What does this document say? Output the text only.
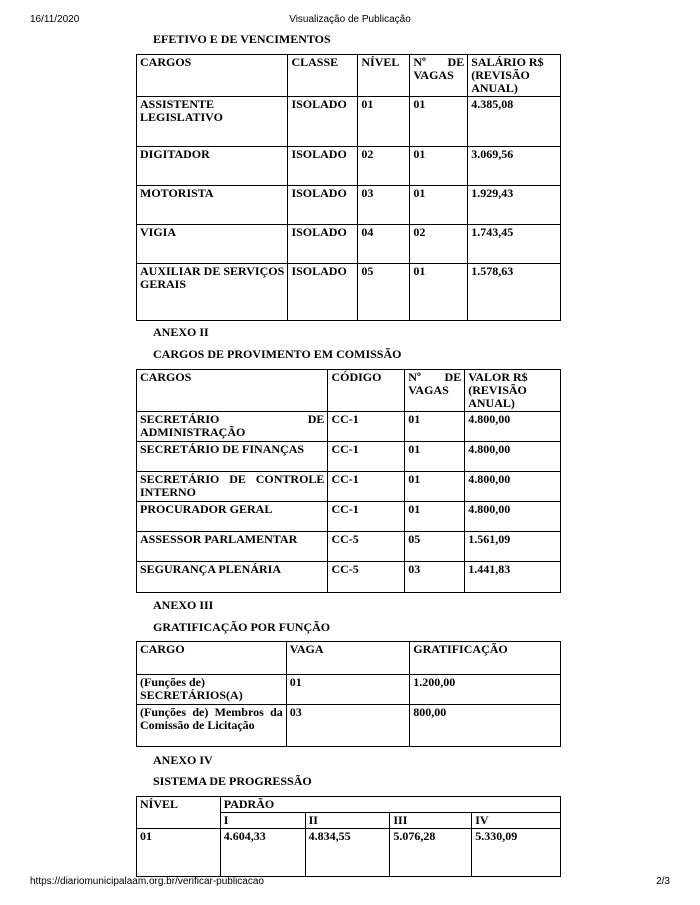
16/11/2020	Visualização de Publicação
EFETIVO E DE VENCIMENTOS
CARGOS	CLASSE	NÍVEL	Nº DE VAGAS	SALÁRIO R$ (REVISÃO ANUAL)
ASSISTENTE LEGISLATIVO	ISOLADO	01	01	4.385,08
DIGITADOR	ISOLADO	02	01	3.069,56
MOTORISTA	ISOLADO	03	01	1.929,43
VIGIA	ISOLADO	04	02	1.743,45
AUXILIAR DE SERVIÇOS GERAIS	ISOLADO	05	01	1.578,63
ANEXO II
CARGOS DE PROVIMENTO EM COMISSÃO
CARGOS	CÓDIGO	Nº DE VAGAS	VALOR R$ (REVISÃO ANUAL)
SECRETÁRIO DE ADMINISTRAÇÃO	CC-1	01	4.800,00
SECRETÁRIO DE FINANÇAS	CC-1	01	4.800,00
SECRETÁRIO DE CONTROLE INTERNO	CC-1	01	4.800,00
PROCURADOR GERAL	CC-1	01	4.800,00
ASSESSOR PARLAMENTAR	CC-5	05	1.561,09
SEGURANÇA PLENÁRIA	CC-5	03	1.441,83
ANEXO III
GRATIFICAÇÃO POR FUNÇÃO
CARGO	VAGA	GRATIFICAÇÃO
(Funções de) SECRETÁRIOS(A)	01	1.200,00
(Funções de) Membros da Comissão de Licitação	03	800,00
ANEXO IV
SISTEMA DE PROGRESSÃO
NÍVEL	PADRÃO			
	I	II	III	IV
01	4.604,33	4.834,55	5.076,28	5.330,09
https://diariomunicipalaam.org.br/verificar-publicacao	2/3
